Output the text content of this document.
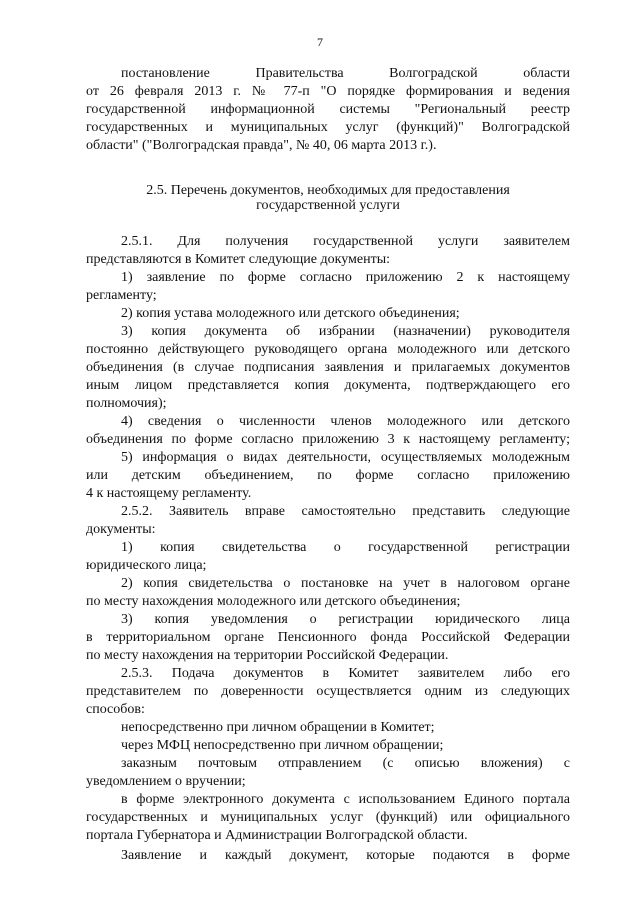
7
постановление Правительства Волгоградской области
от 26 февраля 2013 г. № 77-п "О порядке формирования и ведения
государственной информационной системы "Региональный реестр
государственных и муниципальных услуг (функций)" Волгоградской
области" ("Волгоградская правда", № 40, 06 марта 2013 г.).
2.5. Перечень документов, необходимых для предоставления
государственной услуги
2.5.1. Для получения государственной услуги заявителем
представляются в Комитет следующие документы:
1) заявление по форме согласно приложению 2 к настоящему
регламенту;
2) копия устава молодежного или детского объединения;
3) копия документа об избрании (назначении) руководителя
постоянно действующего руководящего органа молодежного или детского
объединения (в случае подписания заявления и прилагаемых документов
иным лицом представляется копия документа, подтверждающего его
полномочия);
4) сведения о численности членов молодежного или детского
объединения по форме согласно приложению 3 к настоящему регламенту;
5) информация о видах деятельности, осуществляемых молодежным
или детским объединением, по форме согласно приложению
4 к настоящему регламенту.
2.5.2. Заявитель вправе самостоятельно представить следующие
документы:
1) копия свидетельства о государственной регистрации
юридического лица;
2) копия свидетельства о постановке на учет в налоговом органе
по месту нахождения молодежного или детского объединения;
3) копия уведомления о регистрации юридического лица
в территориальном органе Пенсионного фонда Российской Федерации
по месту нахождения на территории Российской Федерации.
2.5.3. Подача документов в Комитет заявителем либо его
представителем по доверенности осуществляется одним из следующих
способов:
непосредственно при личном обращении в Комитет;
через МФЦ непосредственно при личном обращении;
заказным почтовым отправлением (с описью вложения) с
уведомлением о вручении;
в форме электронного документа с использованием Единого портала
государственных и муниципальных услуг (функций) или официального
портала Губернатора и Администрации Волгоградской области.
Заявление и каждый документ, которые подаются в форме
